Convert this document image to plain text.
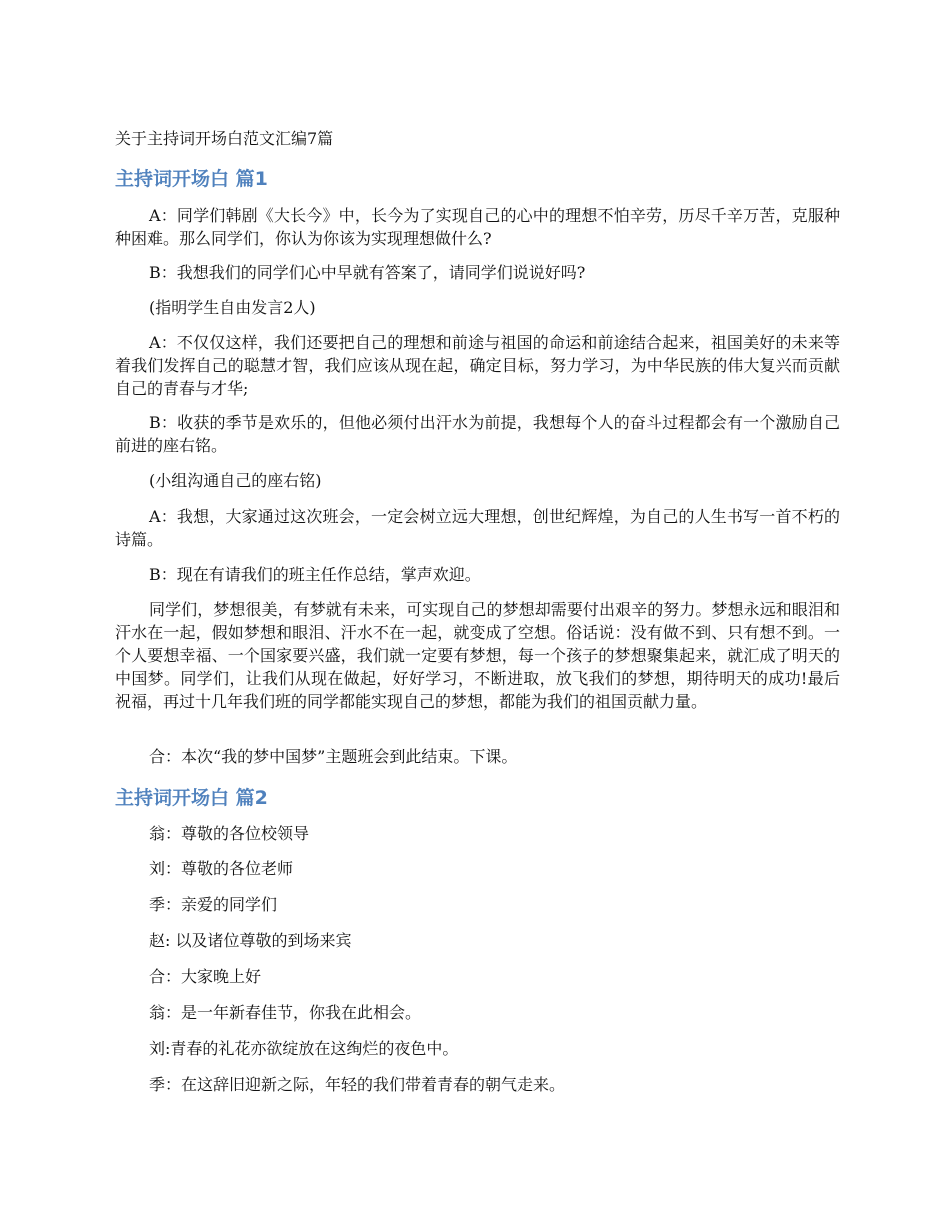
关于主持词开场白范文汇编7篇
主持词开场白 篇1

A：同学们韩剧《大长今》中，长今为了实现自己的心中的理想不怕辛劳，历尽千辛万苦，克服种种困难。那么同学们，你认为你该为实现理想做什么?

B：我想我们的同学们心中早就有答案了，请同学们说说好吗?

(指明学生自由发言2人)

A：不仅仅这样，我们还要把自己的理想和前途与祖国的命运和前途结合起来，祖国美好的未来等着我们发挥自己的聪慧才智，我们应该从现在起，确定目标，努力学习，为中华民族的伟大复兴而贡献自己的青春与才华;

B：收获的季节是欢乐的，但他必须付出汗水为前提，我想每个人的奋斗过程都会有一个激励自己前进的座右铭。

(小组沟通自己的座右铭)

A：我想，大家通过这次班会，一定会树立远大理想，创世纪辉煌，为自己的人生书写一首不朽的诗篇。

B：现在有请我们的班主任作总结，掌声欢迎。

同学们，梦想很美，有梦就有未来，可实现自己的梦想却需要付出艰辛的努力。梦想永远和眼泪和汗水在一起，假如梦想和眼泪、汗水不在一起，就变成了空想。俗话说：没有做不到、只有想不到。一个人要想幸福、一个国家要兴盛，我们就一定要有梦想，每一个孩子的梦想聚集起来，就汇成了明天的中国梦。同学们，让我们从现在做起，好好学习，不断进取，放飞我们的梦想，期待明天的成功!最后祝福，再过十几年我们班的同学都能实现自己的梦想，都能为我们的祖国贡献力量。

合：本次“我的梦中国梦”主题班会到此结束。下课。

主持词开场白 篇2

翁：尊敬的各位校领导

刘：尊敬的各位老师

季：亲爱的同学们

赵: 以及诸位尊敬的到场来宾

合：大家晚上好

翁：是一年新春佳节，你我在此相会。

刘:青春的礼花亦欲绽放在这绚烂的夜色中。

季：在这辞旧迎新之际，年轻的我们带着青春的朝气走来。
